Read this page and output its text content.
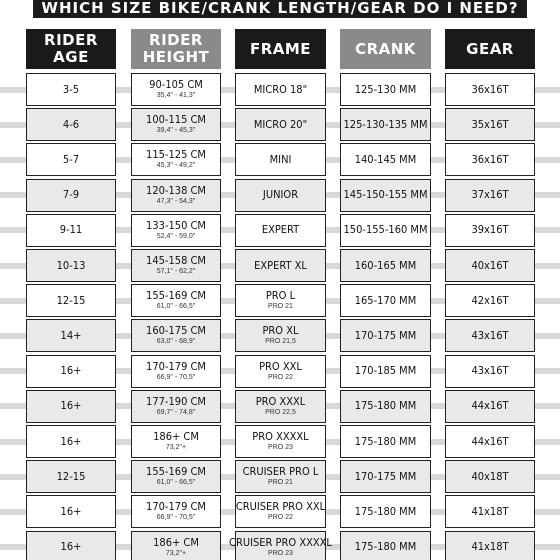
WHICH SIZE BIKE/CRANK LENGTH/GEAR DO I NEED?
RIDER
AGE
3-5
4-6
5-7
7-9
9-11
10-13
12-15
14+
16+
16+
16+
12-15
16+
16+
RIDER
HEIGHT
90-105 CM
35,4" - 41,3"
100-115 CM
39,4" - 45,3"
115-125 CM
45,3" - 49,2"
120-138 CM
47,3" - 54,3"
133-150 CM
52,4" - 59,0"
145-158 CM
57,1" - 62,2"
155-169 CM
61,0" - 66,5"
160-175 CM
63,0" - 68,9"
170-179 CM
66,9" - 70,5"
177-190 CM
69,7" - 74,8"
186+ CM
73,2"+
155-169 CM
61,0" - 66,5"
170-179 CM
66,9" - 70,5"
186+ CM
73,2"+
FRAME
MICRO 18"
MICRO 20"
MINI
JUNIOR
EXPERT
EXPERT XL
PRO L
PRO 21
PRO XL
PRO 21,5
PRO XXL
PRO 22
PRO XXXL
PRO 22,5
PRO XXXXL
PRO 23
CRUISER PRO L
PRO 21
CRUISER PRO XXL
PRO 22
CRUISER PRO XXXXL
PRO 23
CRANK
125-130 MM
125-130-135 MM
140-145 MM
145-150-155 MM
150-155-160 MM
160-165 MM
165-170 MM
170-175 MM
170-185 MM
175-180 MM
175-180 MM
170-175 MM
175-180 MM
175-180 MM
GEAR
36x16T
35x16T
36x16T
37x16T
39x16T
40x16T
42x16T
43x16T
43x16T
44x16T
44x16T
40x18T
41x18T
41x18T
